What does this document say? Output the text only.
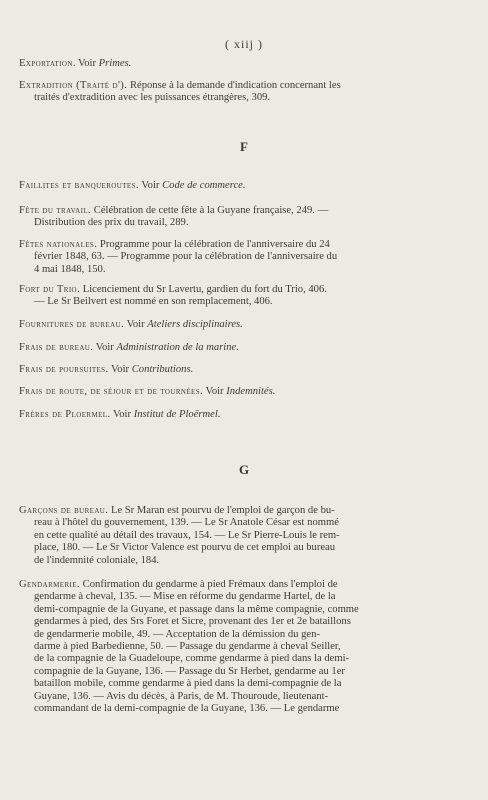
( xiij )
Exportation. Voir Primes.
Extradition (Traité d'). Réponse à la demande d'indication concernant les
traités d'extradition avec les puissances étrangères, 309.
F
Faillites et banqueroutes. Voir Code de commerce.
Fête du travail. Célébration de cette fête à la Guyane française, 249. —
Distribution des prix du travail, 289.
Fêtes nationales. Programme pour la célébration de l'anniversaire du 24
février 1848, 63. — Programme pour la célébration de l'anniversaire du
4 mai 1848, 150.
Fort du Trio. Licenciement du Sr Lavertu, gardien du fort du Trio, 406.
— Le Sr Beilvert est nommé en son remplacement, 406.
Fournitures de bureau. Voir Ateliers disciplinaires.
Frais de bureau. Voir Administration de la marine.
Frais de poursuites. Voir Contributions.
Frais de route, de séjour et de tournées. Voir Indemnités.
Frères de Ploermel. Voir Institut de Ploërmel.
G
Garçons de bureau. Le Sr Maran est pourvu de l'emploi de garçon de bu-
reau à l'hôtel du gouvernement, 139. — Le Sr Anatole César est nommé
en cette qualité au détail des travaux, 154. — Le Sr Pierre-Louis le rem-
place, 180. — Le Sr Victor Valence est pourvu de cet emploi au bureau
de l'indemnité coloniale, 184.
Gendarmerie. Confirmation du gendarme à pied Frémaux dans l'emploi de
gendarme à cheval, 135. — Mise en réforme du gendarme Hartel, de la
demi-compagnie de la Guyane, et passage dans la même compagnie, comme
gendarmes à pied, des Srs Foret et Sicre, provenant des 1er et 2e bataillons
de gendarmerie mobile, 49. — Acceptation de la démission du gen-
darme à pied Barbedienne, 50. — Passage du gendarme à cheval Seiller,
de la compagnie de la Guadeloupe, comme gendarme à pied dans la demi-
compagnie de la Guyane, 136. — Passage du Sr Herbet, gendarme au 1er
bataillon mobile, comme gendarme à pied dans la demi-compagnie de la
Guyane, 136. — Avis du décès, à Paris, de M. Thouroude, lieutenant-
commandant de la demi-compagnie de la Guyane, 136. — Le gendarme
